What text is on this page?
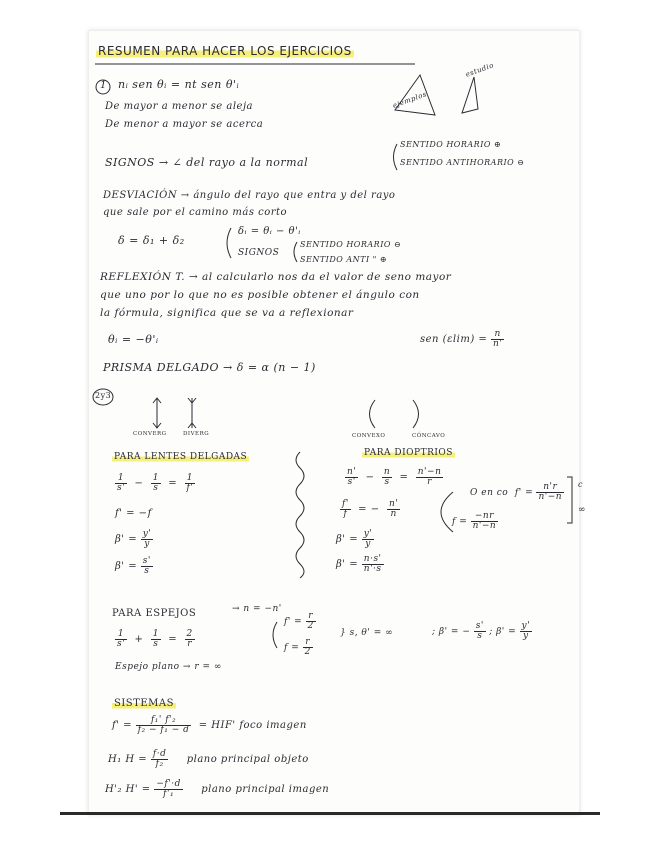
RESUMEN PARA HACER LOS EJERCICIOS
1 nᵢ sen θᵢ = nt sen θ'ᵢ
ejemplos
estudio
De mayor a menor se aleja
De menor a mayor se acerca
SIGNOS → ∠ del rayo a la normal
SENTIDO HORARIO ⊕
SENTIDO ANTIHORARIO ⊖
DESVIACIÓN → ángulo del rayo que entra y del rayo
que sale por el camino más corto
δ = δ₁ + δ₂
δᵢ = θᵢ − θ'ᵢ
SIGNOS
SENTIDO HORARIO ⊖
SENTIDO ANTI " ⊕
REFLEXIÓN T. → al calcularlo nos da el valor de seno mayor
que uno por lo que no es posible obtener el ángulo con
la fórmula, significa que se va a reflexionar
θᵢ = −θ'ᵢ	sen $(\varepsilon\lim) = \frac{n}{n'}$
PRISMA DELGADO → δ = α (n − 1)
2y3
CONVERG	DIVERG	CONVEXO	CÓNCAVO
PARA LENTES DELGADAS
$\frac{1}{s'} - \frac{1}{s} = \frac{1}{f'}$
f' = −f
$\beta' = \frac{y'}{y}$
$\beta' = \frac{s'}{s}$
PARA DIOPTRIOS
$\frac{n'}{s'} - \frac{n}{s} = \frac{n'-n}{r}$
$\frac{f'}{f}$ = − $\frac{n'}{n}$
$\beta' = \frac{y'}{y}$
$\beta' = \frac{n\cdot s'}{n'\cdot s}$
O en co  $f' = \frac{n'r}{n'-n}$
$f = \frac{-nr}{n'-n}$
c
∞
PARA ESPEJOS	→ n = −n'
$\frac{1}{s'} + \frac{1}{s} = \frac{2}{r}$
$f' = \frac{r}{2}$
$f = \frac{r}{2}$
} s, θ' = ∞	; β' = − $\frac{s'}{s}$ ; $\beta' = \frac{y'}{y}$
Espejo plano → r = ∞
SISTEMAS
$f' = \frac{\text{f₁' f'₂}}{\text{f₂ − f₁ − d}} = HIF'$ foco imagen
H₁ $H = \frac{f\cdot d}{\text{f₂}}$ plano principal objeto
H'₂ $H' = \frac{-f'\cdot d}{\text{f'₁}}$ plano principal imagen
